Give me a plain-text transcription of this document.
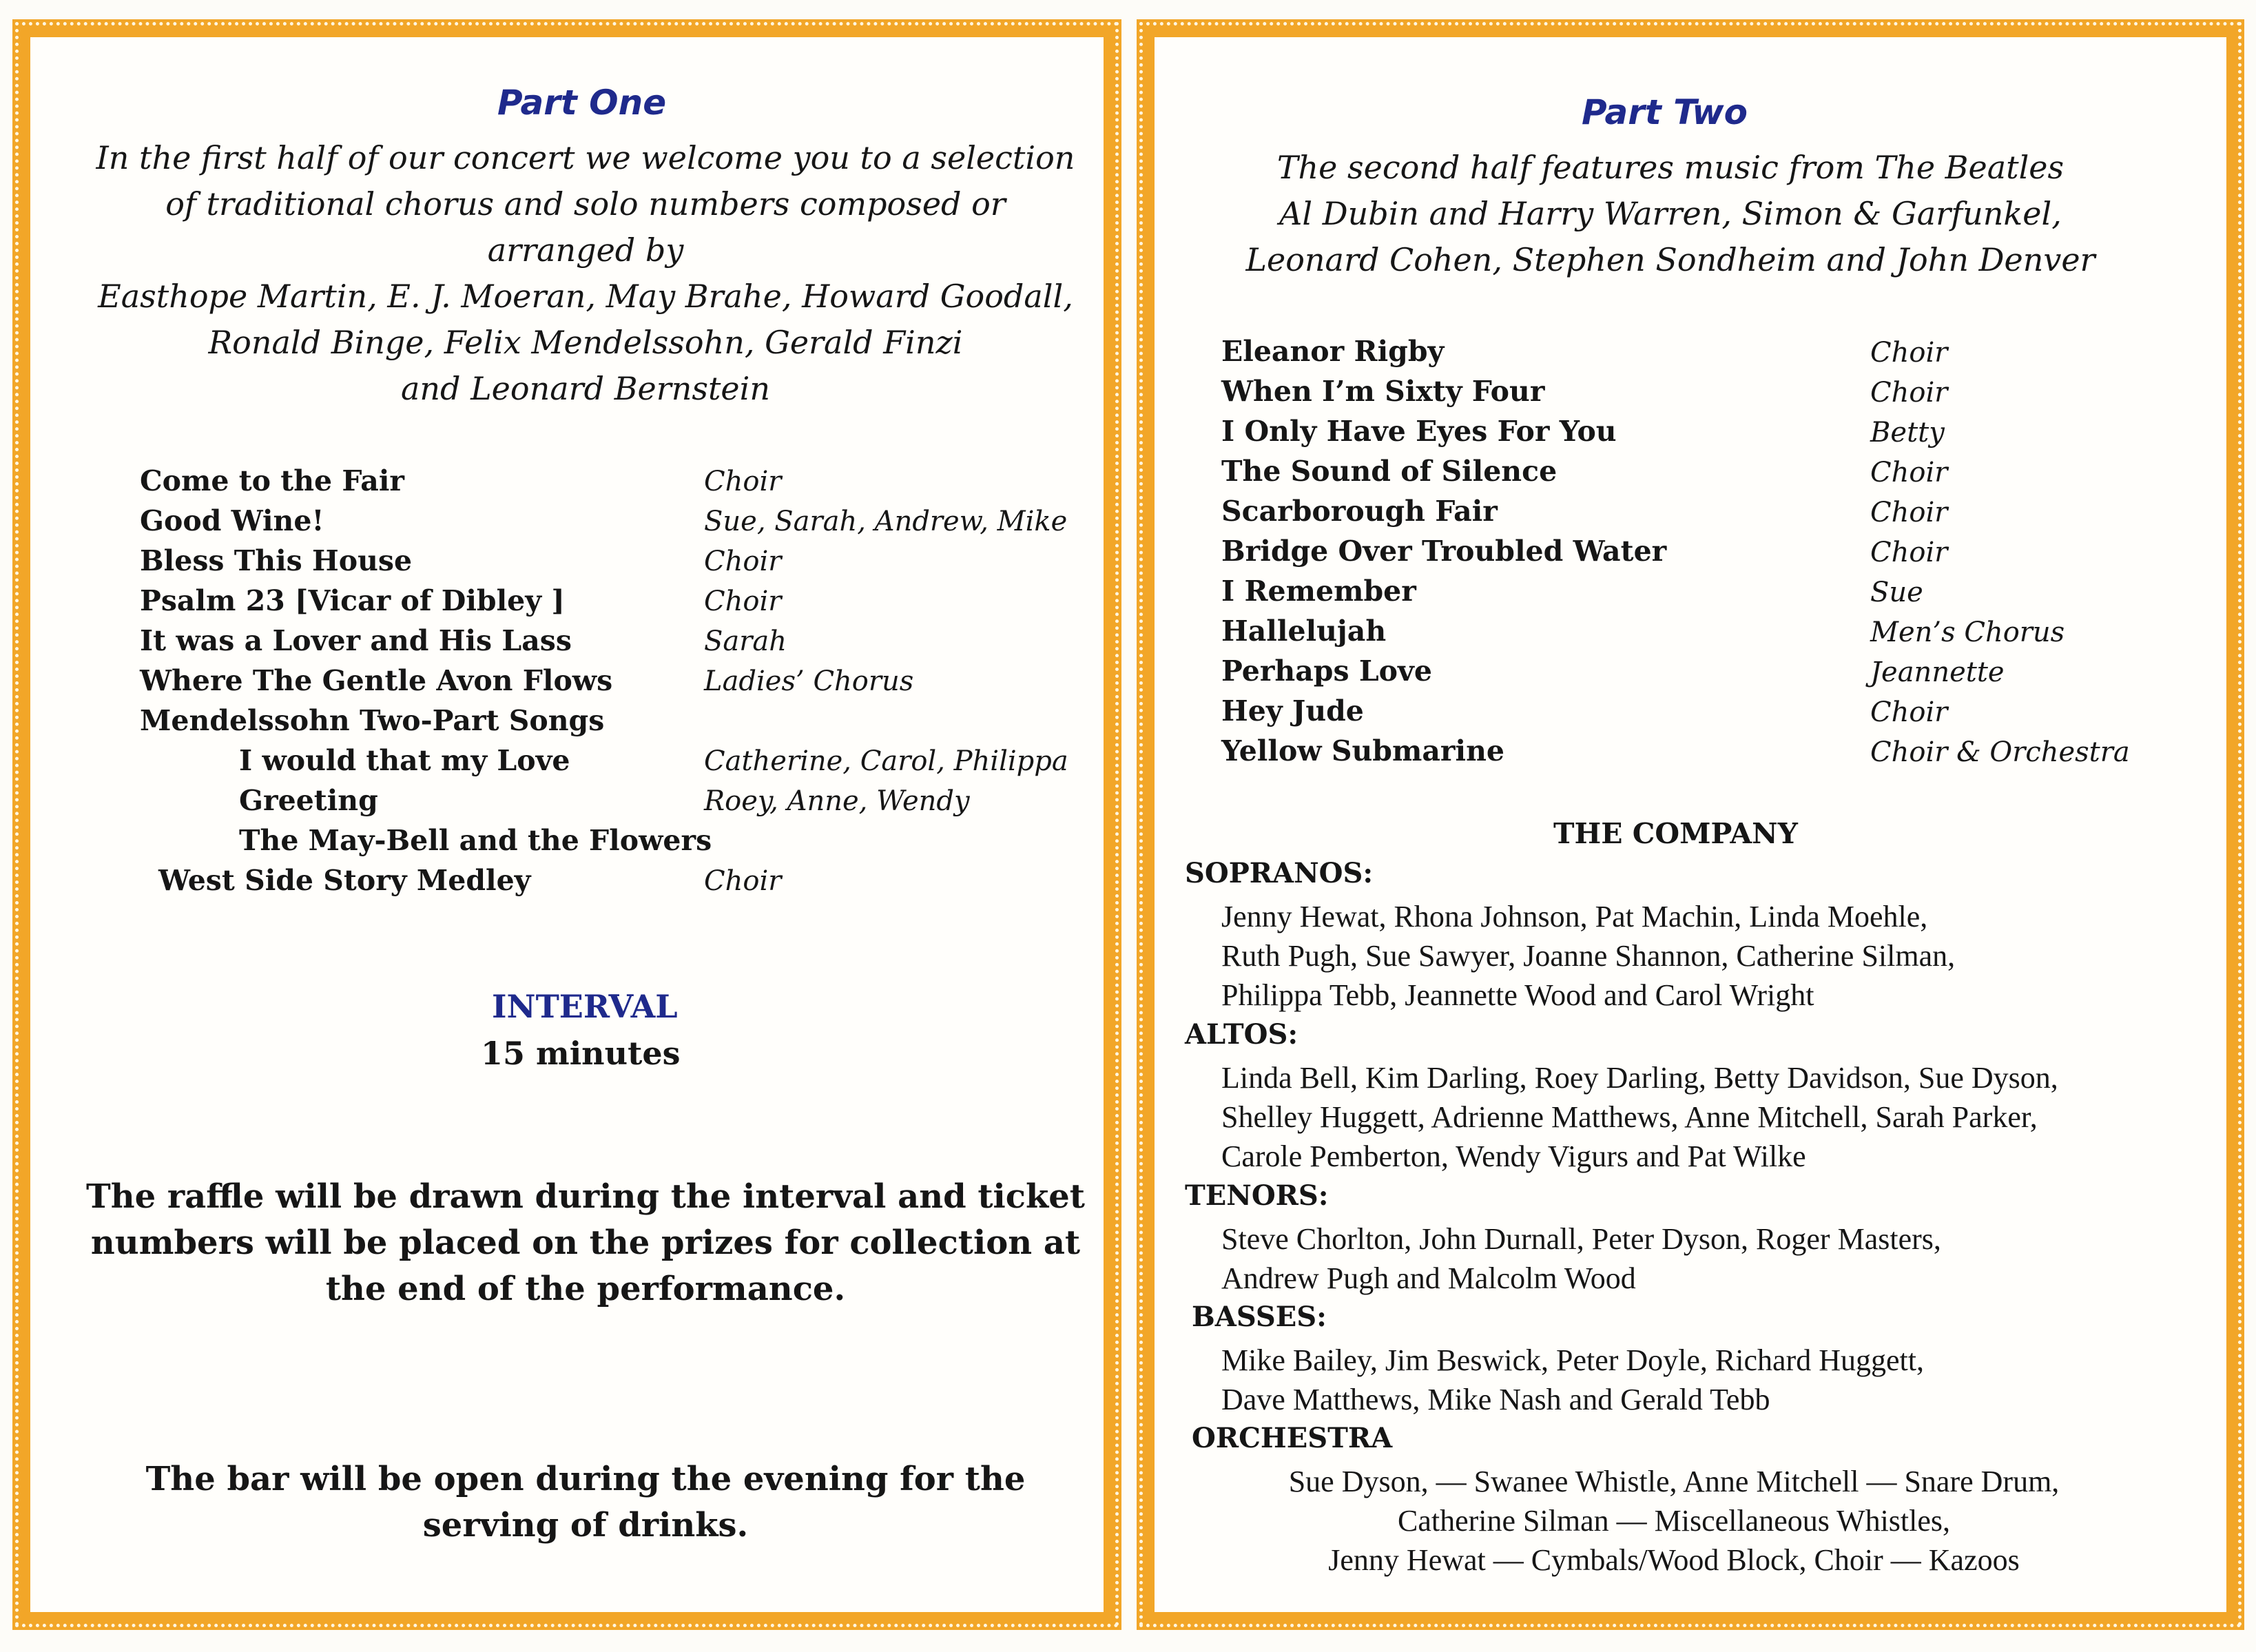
Part One
In the first half of our concert we welcome you to a selection
of traditional chorus and solo numbers composed or
arranged by
Easthope Martin, E. J. Moeran, May Brahe, Howard Goodall,
Ronald Binge, Felix Mendelssohn, Gerald Finzi
and Leonard Bernstein
Come to the Fair	Choir
Good Wine!	Sue, Sarah, Andrew, Mike
Bless This House	Choir
Psalm 23 [Vicar of Dibley ]	Choir
It was a Lover and His Lass	Sarah
Where The Gentle Avon Flows	Ladies’ Chorus
Mendelssohn Two-Part Songs
I would that my Love	Catherine, Carol, Philippa
Greeting	Roey, Anne, Wendy
The May-Bell and the Flowers
West Side Story Medley	Choir
INTERVAL
15 minutes
The raffle will be drawn during the interval and ticket
numbers will be placed on the prizes for collection at
the end of the performance.
The bar will be open during the evening for the
serving of drinks.
Part Two
The second half features music from The Beatles
Al Dubin and Harry Warren, Simon & Garfunkel,
Leonard Cohen, Stephen Sondheim and John Denver
Eleanor Rigby	Choir
When I’m Sixty Four	Choir
I Only Have Eyes For You	Betty
The Sound of Silence	Choir
Scarborough Fair	Choir
Bridge Over Troubled Water	Choir
I Remember	Sue
Hallelujah	Men’s Chorus
Perhaps Love	Jeannette
Hey Jude	Choir
Yellow Submarine	Choir & Orchestra
THE COMPANY
SOPRANOS:
Jenny Hewat, Rhona Johnson, Pat Machin, Linda Moehle,
Ruth Pugh, Sue Sawyer, Joanne Shannon, Catherine Silman,
Philippa Tebb, Jeannette Wood and Carol Wright
ALTOS:
Linda Bell, Kim Darling, Roey Darling, Betty Davidson, Sue Dyson,
Shelley Huggett, Adrienne Matthews, Anne Mitchell, Sarah Parker,
Carole Pemberton, Wendy Vigurs and Pat Wilke
TENORS:
Steve Chorlton, John Durnall, Peter Dyson, Roger Masters,
Andrew Pugh and Malcolm Wood
BASSES:
Mike Bailey, Jim Beswick, Peter Doyle, Richard Huggett,
Dave Matthews, Mike Nash and Gerald Tebb
ORCHESTRA
Sue Dyson, — Swanee Whistle, Anne Mitchell — Snare Drum,
Catherine Silman — Miscellaneous Whistles,
Jenny Hewat — Cymbals/Wood Block, Choir — Kazoos
